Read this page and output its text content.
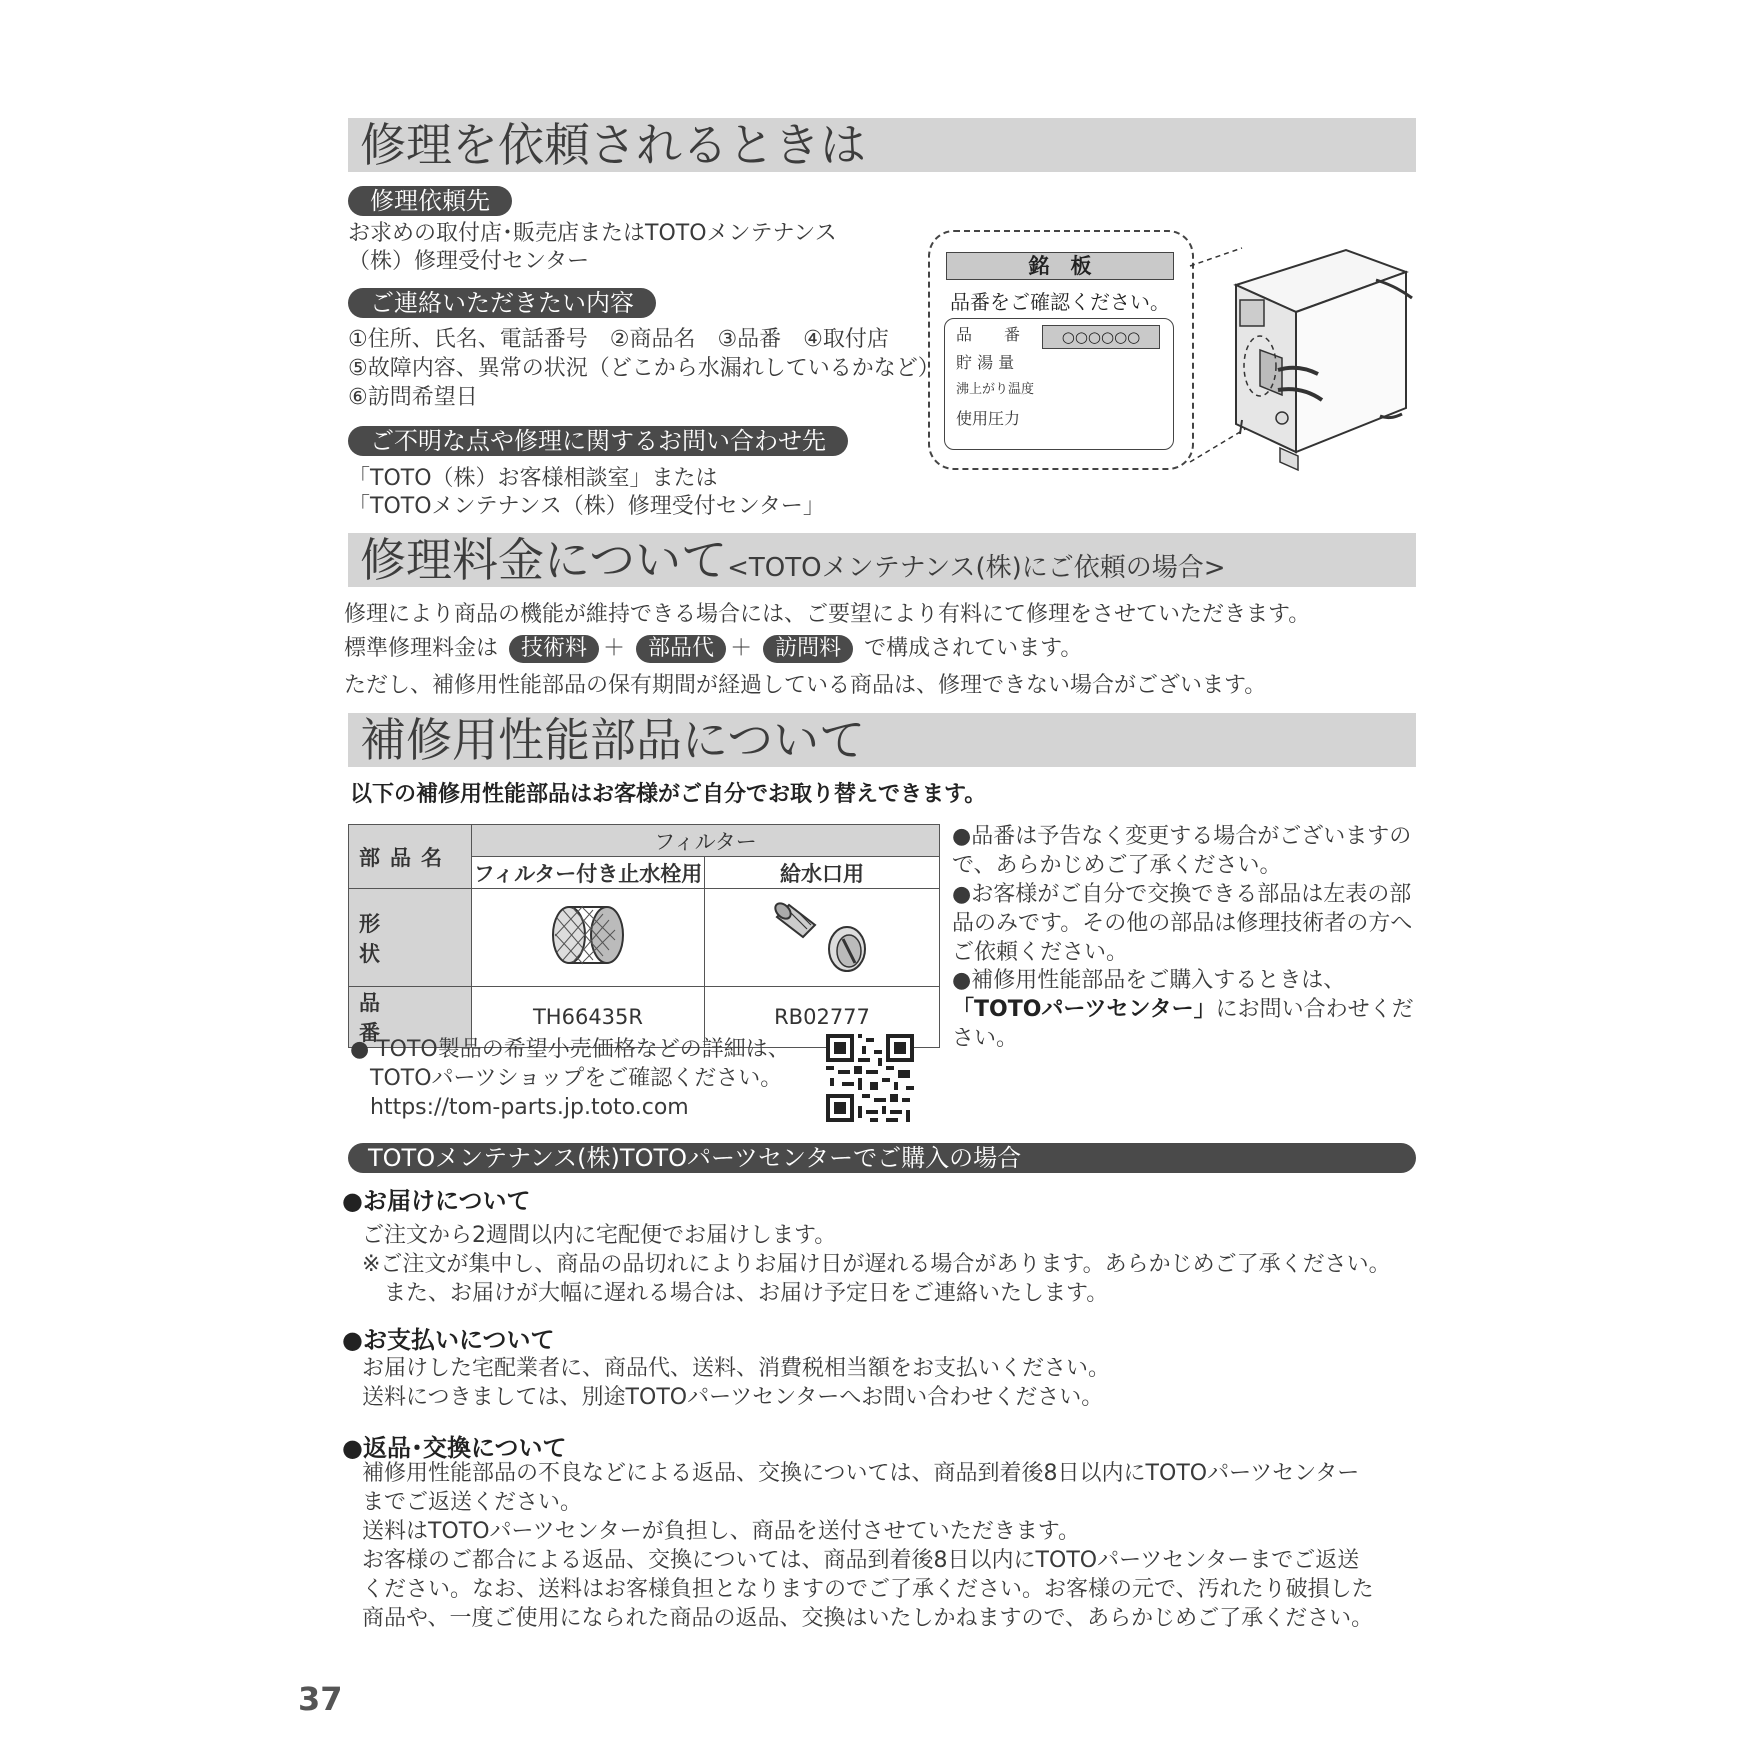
修理を依頼されるときは
修理依頼先
お求めの取付店･販売店またはTOTOメンテナンス
（株）修理受付センター
ご連絡いただきたい内容
①住所、氏名、電話番号　②商品名　③品番　④取付店
⑤故障内容、異常の状況（どこから水漏れしているかなど）
⑥訪問希望日
ご不明な点や修理に関するお問い合わせ先
「TOTO（株）お客様相談室」または
「TOTOメンテナンス（株）修理受付センター」
銘　板
品番をご確認ください。
品　　番	○○○○○○
貯 湯 量
沸上がり温度
使用圧力
修理料金について<TOTOメンテナンス(株)にご依頼の場合>
修理により商品の機能が維持できる場合には、ご要望により有料にて修理をさせていただきます。
標準修理料金は 技術料 ＋ 部品代 ＋ 訪問料 で構成されています。
ただし、補修用性能部品の保有期間が経過している商品は、修理できない場合がございます。
補修用性能部品について
以下の補修用性能部品はお客様がご自分でお取り替えできます。
部品名	フィルター	
	フィルター付き止水栓用	給水口用
形状		
品番	TH66435R	RB02777
●品番は予告なく変更する場合がございますので、あらかじめご了承ください。
●お客様がご自分で交換できる部品は左表の部品のみです。その他の部品は修理技術者の方へご依頼ください。
●補修用性能部品をご購入するときは、「TOTOパーツセンター」にお問い合わせください。
● TOTO製品の希望小売価格などの詳細は、
TOTOパーツショップをご確認ください。
https://tom-parts.jp.toto.com
TOTOメンテナンス(株)TOTOパーツセンターでご購入の場合
●お届けについて
ご注文から2週間以内に宅配便でお届けします。
※ご注文が集中し、商品の品切れによりお届け日が遅れる場合があります。あらかじめご了承ください。
　また、お届けが大幅に遅れる場合は、お届け予定日をご連絡いたします。
●お支払いについて
お届けした宅配業者に、商品代、送料、消費税相当額をお支払いください。
送料につきましては、別途TOTOパーツセンターへお問い合わせください。
●返品･交換について
補修用性能部品の不良などによる返品、交換については、商品到着後8日以内にTOTOパーツセンター
までご返送ください。
送料はTOTOパーツセンターが負担し、商品を送付させていただきます。
お客様のご都合による返品、交換については、商品到着後8日以内にTOTOパーツセンターまでご返送
ください。なお、送料はお客様負担となりますのでご了承ください。お客様の元で、汚れたり破損した
商品や、一度ご使用になられた商品の返品、交換はいたしかねますので、あらかじめご了承ください。
37
